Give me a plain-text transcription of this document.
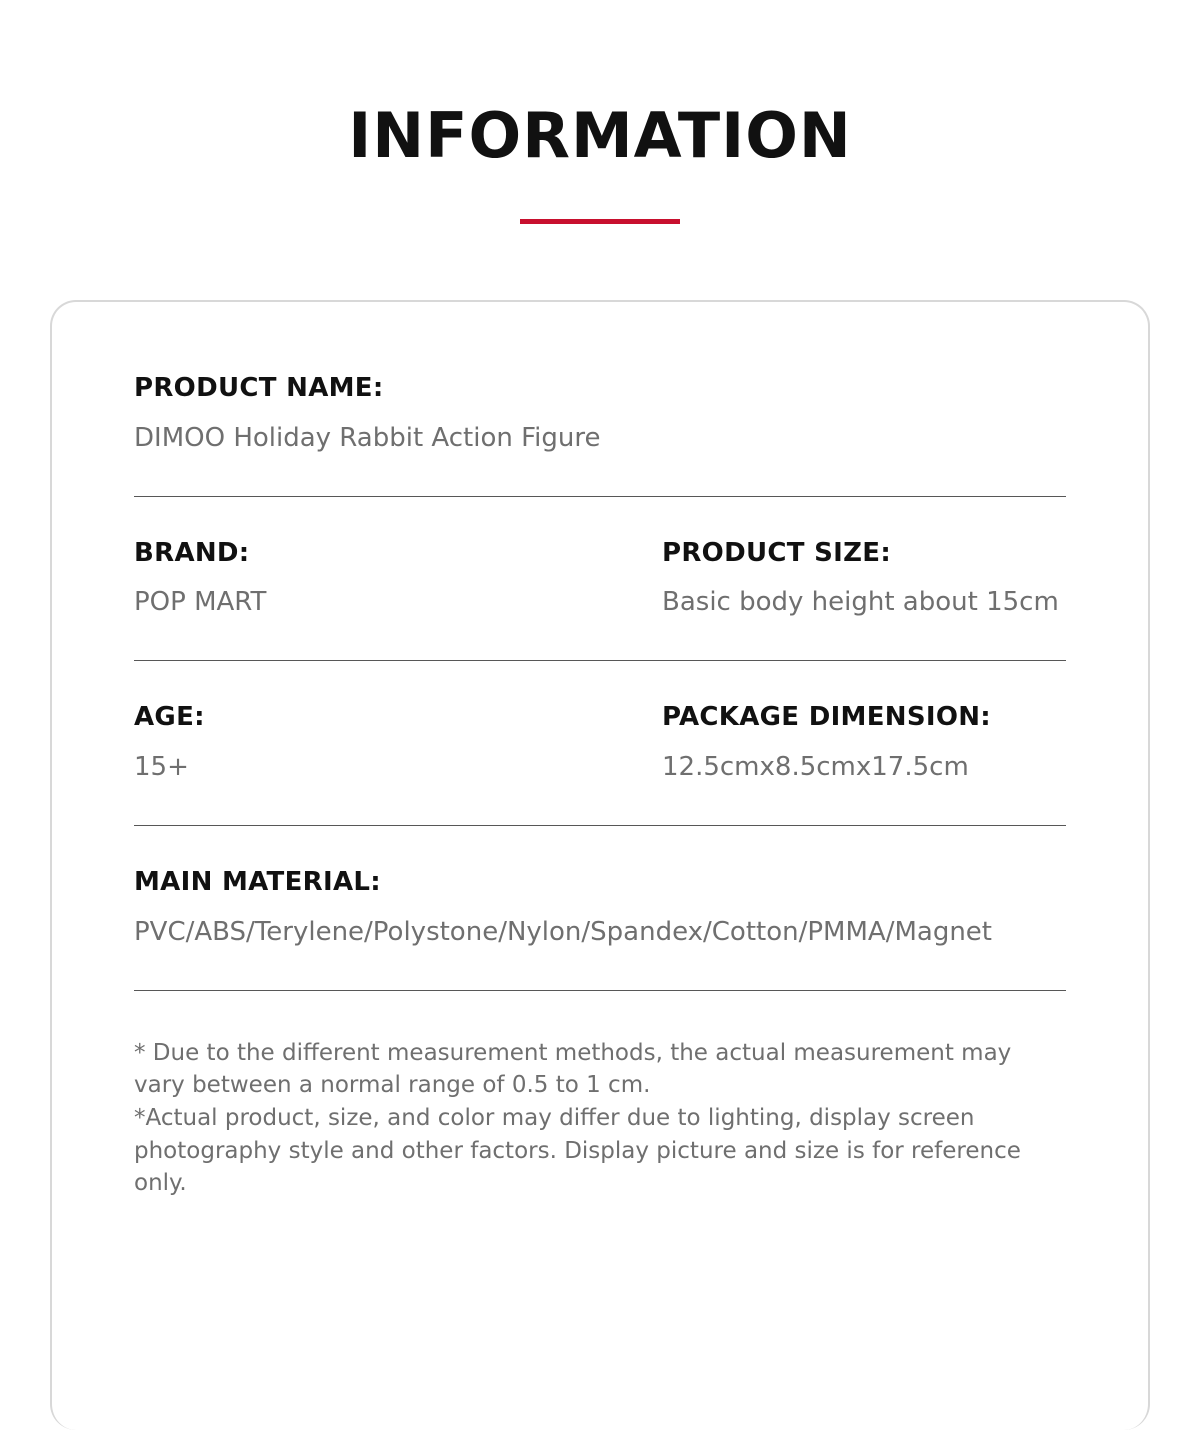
INFORMATION
PRODUCT NAME:
DIMOO Holiday Rabbit Action Figure
BRAND:
POP MART
PRODUCT SIZE:
Basic body height about 15cm
AGE:
15+
PACKAGE DIMENSION:
12.5cmx8.5cmx17.5cm
MAIN MATERIAL:
PVC/ABS/Terylene/Polystone/Nylon/Spandex/Cotton/PMMA/Magnet

* Due to the different measurement methods, the actual measurement may vary between a normal range of 0.5 to 1 cm.

*Actual product, size, and color may differ due to lighting, display screen photography style and other factors. Display picture and size is for reference only.
